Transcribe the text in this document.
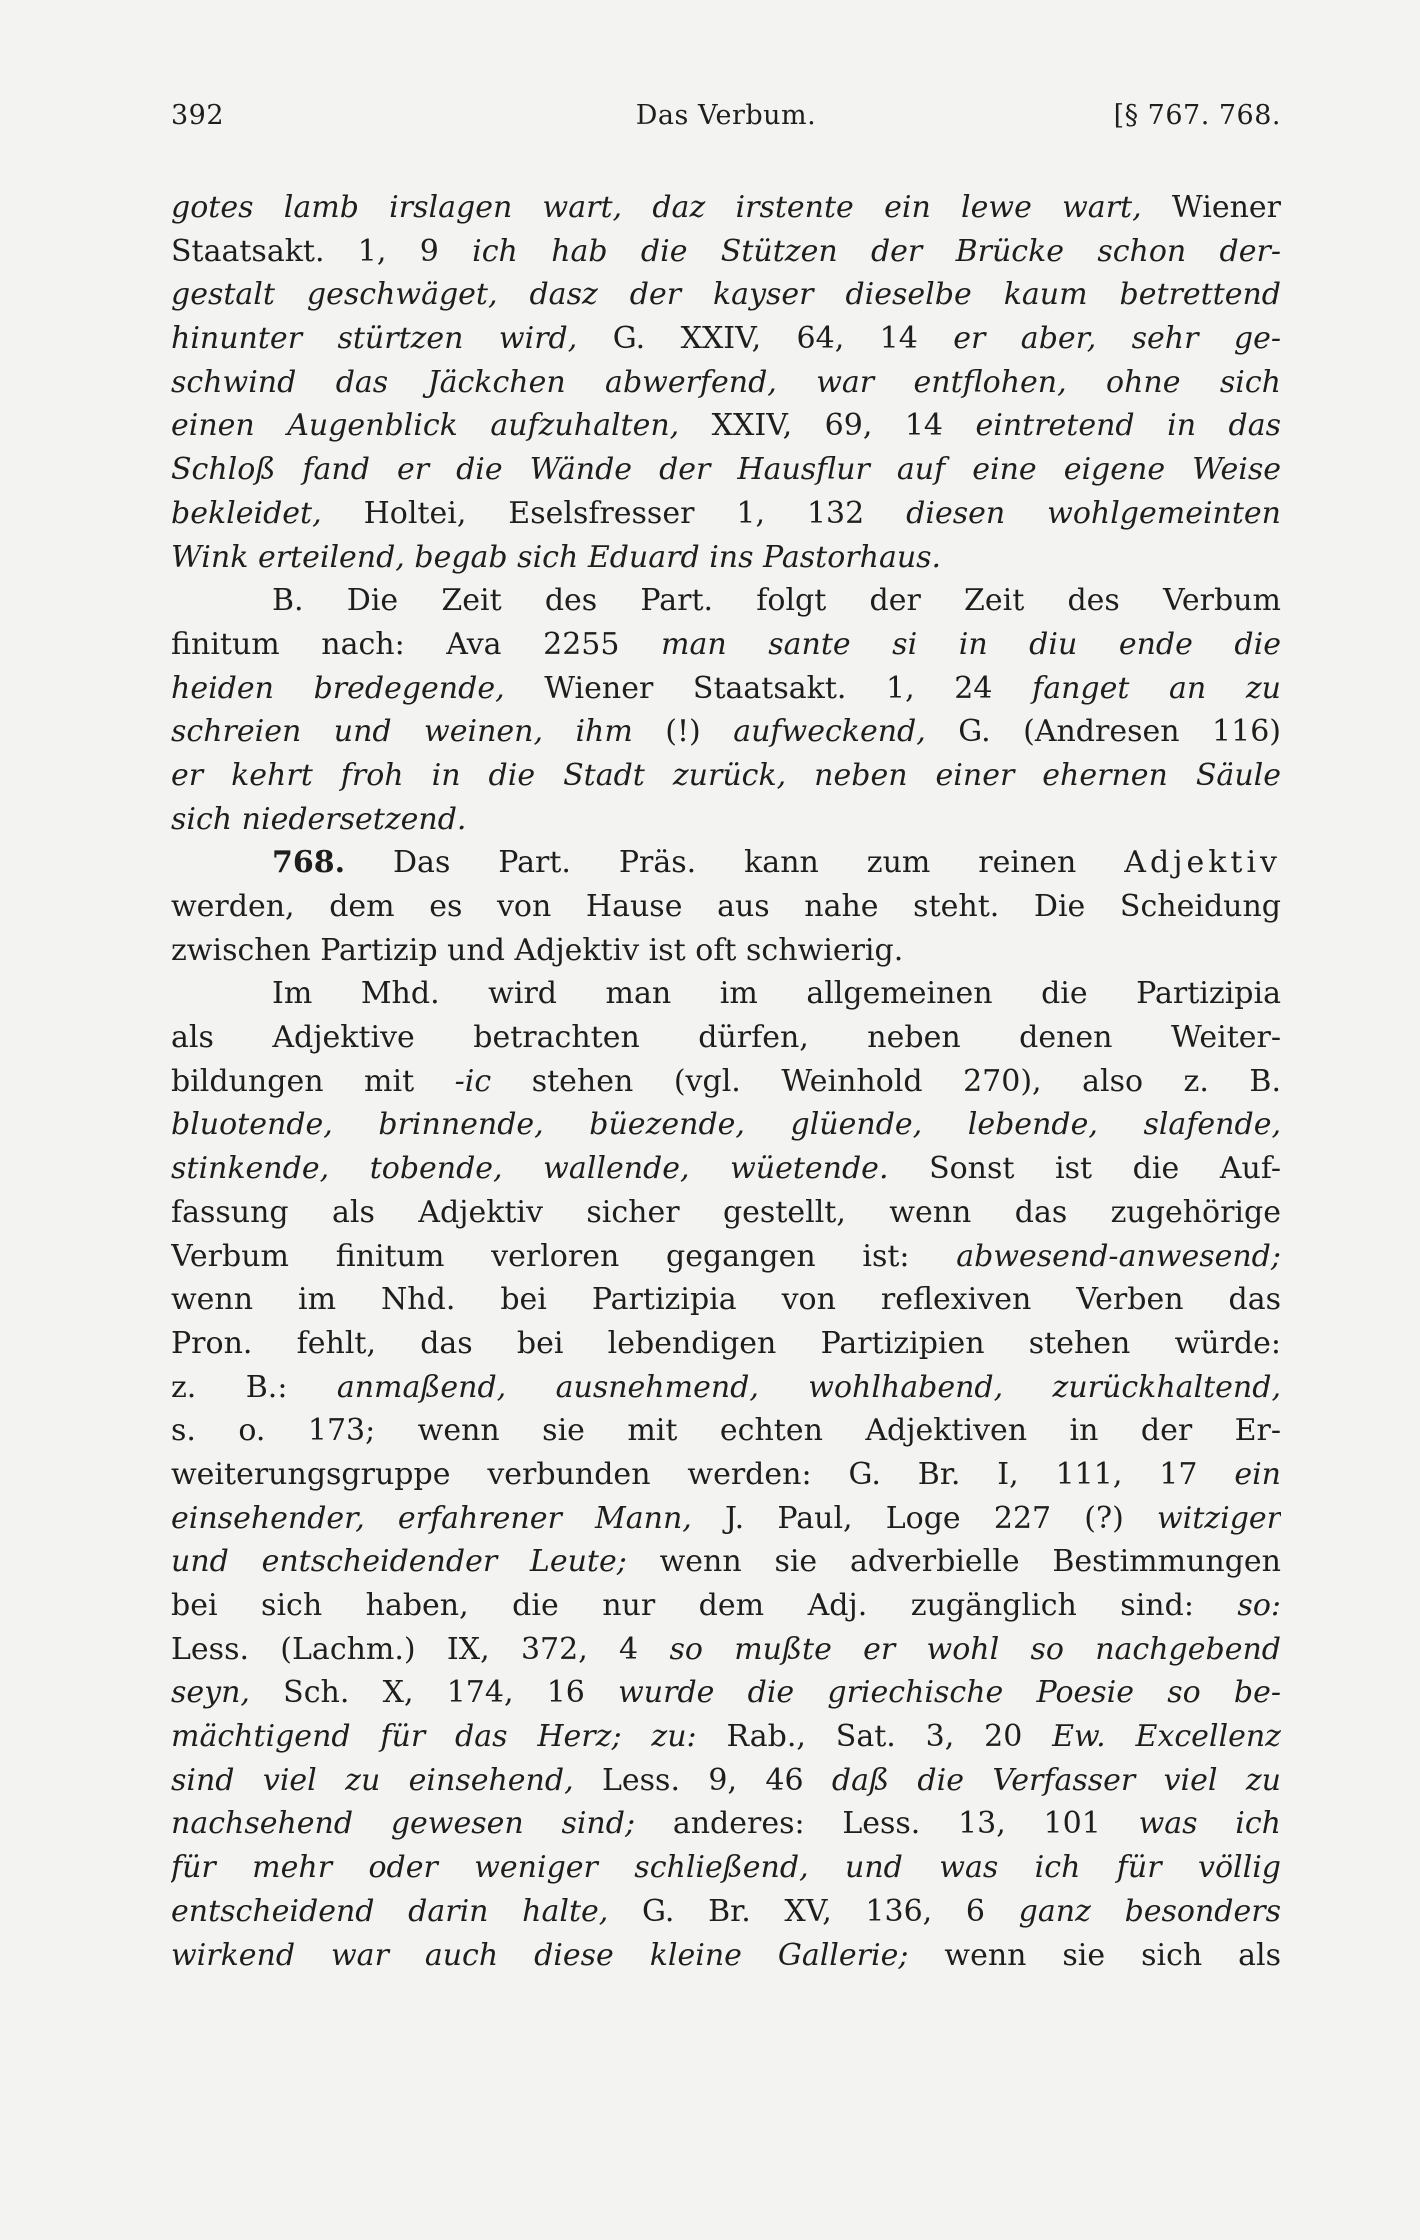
392	Das Verbum.	[§ 767. 768.
gotes lamb irslagen wart, daz irstente ein lewe wart, Wiener
Staatsakt. 1, 9 ich hab die Stützen der Brücke schon der-
gestalt geschwäget, dasz der kayser dieselbe kaum betrettend
hinunter stürtzen wird, G. XXIV, 64, 14 er aber, sehr ge-
schwind das Jäckchen abwerfend, war entflohen, ohne sich
einen Augenblick aufzuhalten, XXIV, 69, 14 eintretend in das
Schloß fand er die Wände der Hausflur auf eine eigene Weise
bekleidet, Holtei, Eselsfresser 1, 132 diesen wohlgemeinten
Wink erteilend, begab sich Eduard ins Pastorhaus.
B. Die Zeit des Part. folgt der Zeit des Verbum
finitum nach: Ava 2255 man sante si in diu ende die
heiden bredegende, Wiener Staatsakt. 1, 24 fanget an zu
schreien und weinen, ihm (!) aufweckend, G. (Andresen 116)
er kehrt froh in die Stadt zurück, neben einer ehernen Säule
sich niedersetzend.
768. Das Part. Präs. kann zum reinen Adjektiv
werden, dem es von Hause aus nahe steht. Die Scheidung
zwischen Partizip und Adjektiv ist oft schwierig.
Im Mhd. wird man im allgemeinen die Partizipia
als Adjektive betrachten dürfen, neben denen Weiter-
bildungen mit -ic stehen (vgl. Weinhold 270), also z. B.
bluotende, brinnende, büezende, glüende, lebende, slafende,
stinkende, tobende, wallende, wüetende. Sonst ist die Auf-
fassung als Adjektiv sicher gestellt, wenn das zugehörige
Verbum finitum verloren gegangen ist: abwesend-anwesend;
wenn im Nhd. bei Partizipia von reflexiven Verben das
Pron. fehlt, das bei lebendigen Partizipien stehen würde:
z. B.: anmaßend, ausnehmend, wohlhabend, zurückhaltend,
s. o. 173; wenn sie mit echten Adjektiven in der Er-
weiterungsgruppe verbunden werden: G. Br. I, 111, 17 ein
einsehender, erfahrener Mann, J. Paul, Loge 227 (?) witziger
und entscheidender Leute; wenn sie adverbielle Bestimmungen
bei sich haben, die nur dem Adj. zugänglich sind: so:
Less. (Lachm.) IX, 372, 4 so mußte er wohl so nachgebend
seyn, Sch. X, 174, 16 wurde die griechische Poesie so be-
mächtigend für das Herz; zu: Rab., Sat. 3, 20 Ew. Excellenz
sind viel zu einsehend, Less. 9, 46 daß die Verfasser viel zu
nachsehend gewesen sind; anderes: Less. 13, 101 was ich
für mehr oder weniger schließend, und was ich für völlig
entscheidend darin halte, G. Br. XV, 136, 6 ganz besonders
wirkend war auch diese kleine Gallerie; wenn sie sich als
